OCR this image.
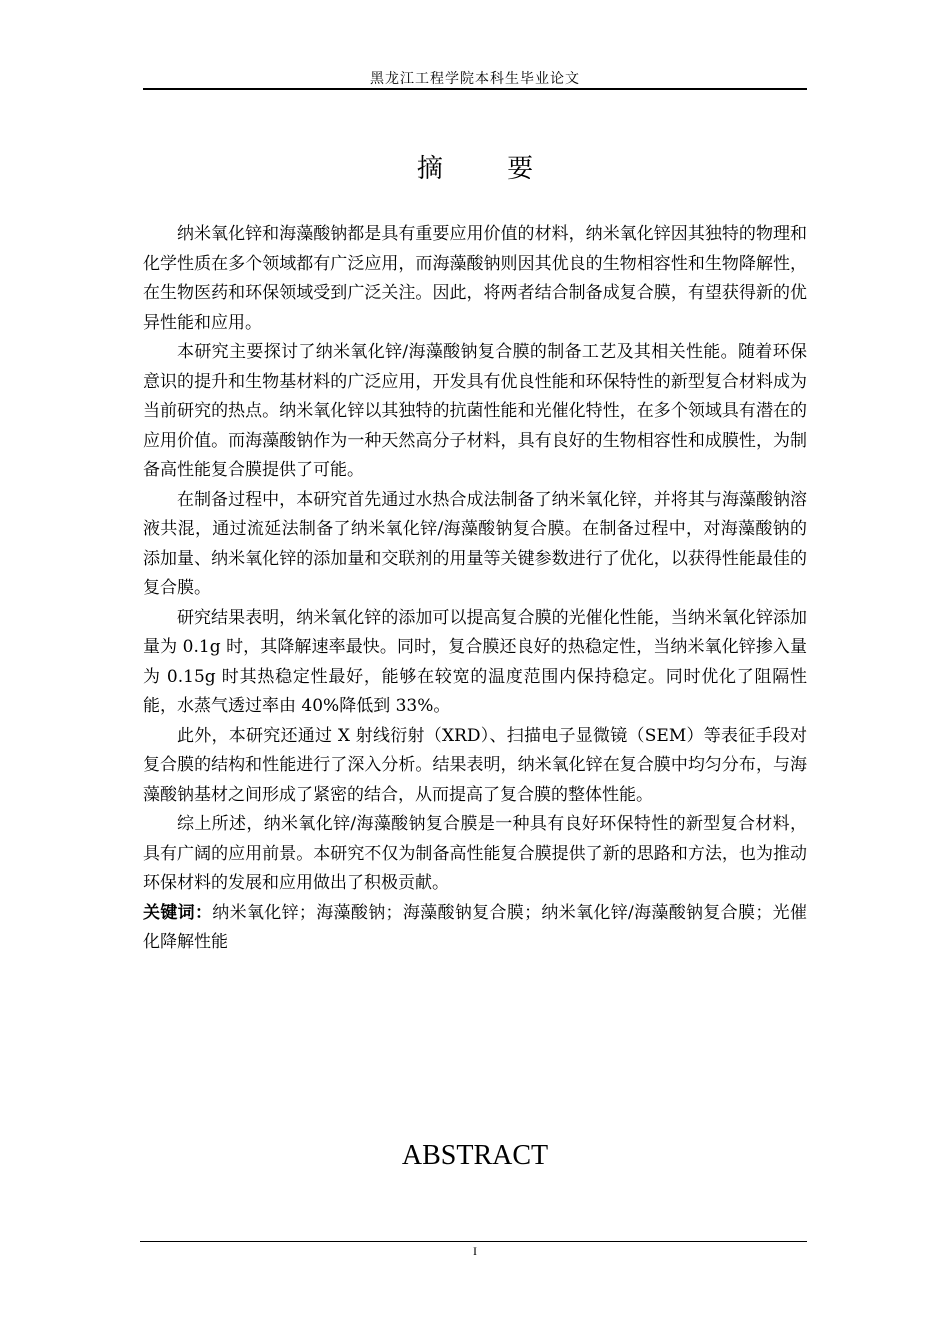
黑龙江工程学院本科生毕业论文
摘 要

纳米氧化锌和海藻酸钠都是具有重要应用价值的材料，纳米氧化锌因其独特的物理和化学性质在多个领域都有广泛应用，而海藻酸钠则因其优良的生物相容性和生物降解性，在生物医药和环保领域受到广泛关注。因此，将两者结合制备成复合膜，有望获得新的优异性能和应用。

本研究主要探讨了纳米氧化锌/海藻酸钠复合膜的制备工艺及其相关性能。随着环保意识的提升和生物基材料的广泛应用，开发具有优良性能和环保特性的新型复合材料成为当前研究的热点。纳米氧化锌以其独特的抗菌性能和光催化特性，在多个领域具有潜在的应用价值。而海藻酸钠作为一种天然高分子材料，具有良好的生物相容性和成膜性，为制备高性能复合膜提供了可能。

在制备过程中，本研究首先通过水热合成法制备了纳米氧化锌，并将其与海藻酸钠溶液共混，通过流延法制备了纳米氧化锌/海藻酸钠复合膜。在制备过程中，对海藻酸钠的添加量、纳米氧化锌的添加量和交联剂的用量等关键参数进行了优化，以获得性能最佳的复合膜。

研究结果表明，纳米氧化锌的添加可以提高复合膜的光催化性能，当纳米氧化锌添加量为 0.1g 时，其降解速率最快。同时，复合膜还良好的热稳定性，当纳米氧化锌掺入量为 0.15g 时其热稳定性最好，能够在较宽的温度范围内保持稳定。同时优化了阻隔性能，水蒸气透过率由 40%降低到 33%。

此外，本研究还通过 X 射线衍射（XRD）、扫描电子显微镜（SEM）等表征手段对复合膜的结构和性能进行了深入分析。结果表明，纳米氧化锌在复合膜中均匀分布，与海藻酸钠基材之间形成了紧密的结合，从而提高了复合膜的整体性能。

综上所述，纳米氧化锌/海藻酸钠复合膜是一种具有良好环保特性的新型复合材料，具有广阔的应用前景。本研究不仅为制备高性能复合膜提供了新的思路和方法，也为推动环保材料的发展和应用做出了积极贡献。

关键词：纳米氧化锌；海藻酸钠；海藻酸钠复合膜；纳米氧化锌/海藻酸钠复合膜；光催化降解性能
ABSTRACT
I
